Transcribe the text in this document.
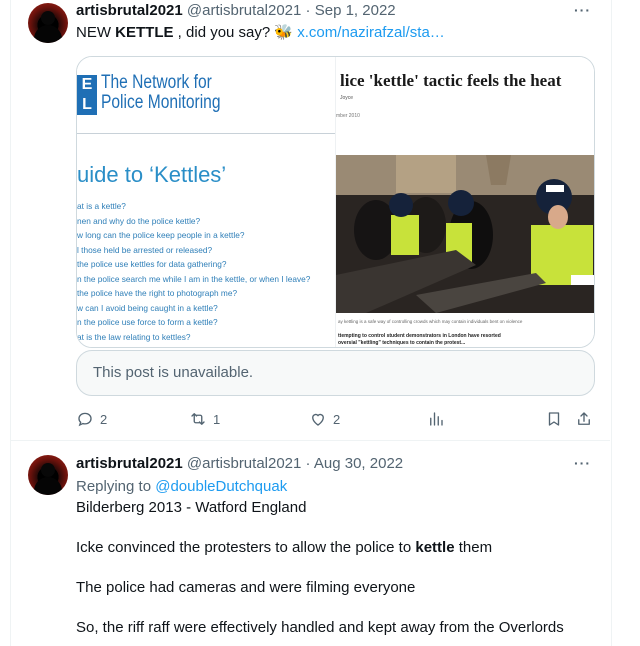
artisbrutal2021 @artisbrutal2021 · Sep 1, 2022	···
NEW KETTLE , did you say? 🐝 x.com/nazirafzal/sta…
E
L
The Network for
Police Monitoring
uide to ‘Kettles’
at is a kettle?
nen and why do the police kettle?
w long can the police keep people in a kettle?
l those held be arrested or released?
the police use kettles for data gathering?
n the police search me while I am in the kettle, or when I leave?
the police have the right to photograph me?
w can I avoid being caught in a kettle?
n the police use force to form a kettle?
at is the law relating to kettles?
lice 'kettle' tactic feels the heat
Joyce
mber 2010
ay kettling is a safe way of controlling crowds which may contain individuals bent on violence
ttempting to control student demonstrators in London have resorted
oversial "kettling" techniques to contain the protest...
This post is unavailable.
2	1	2
artisbrutal2021 @artisbrutal2021 · Aug 30, 2022	···
Replying to @doubleDutchquak
Bilderberg 2013 - Watford England
Icke convinced the protesters to allow the police to kettle them
The police had cameras and were filming everyone
So, the riff raff were effectively handled and kept away from the Overlords
